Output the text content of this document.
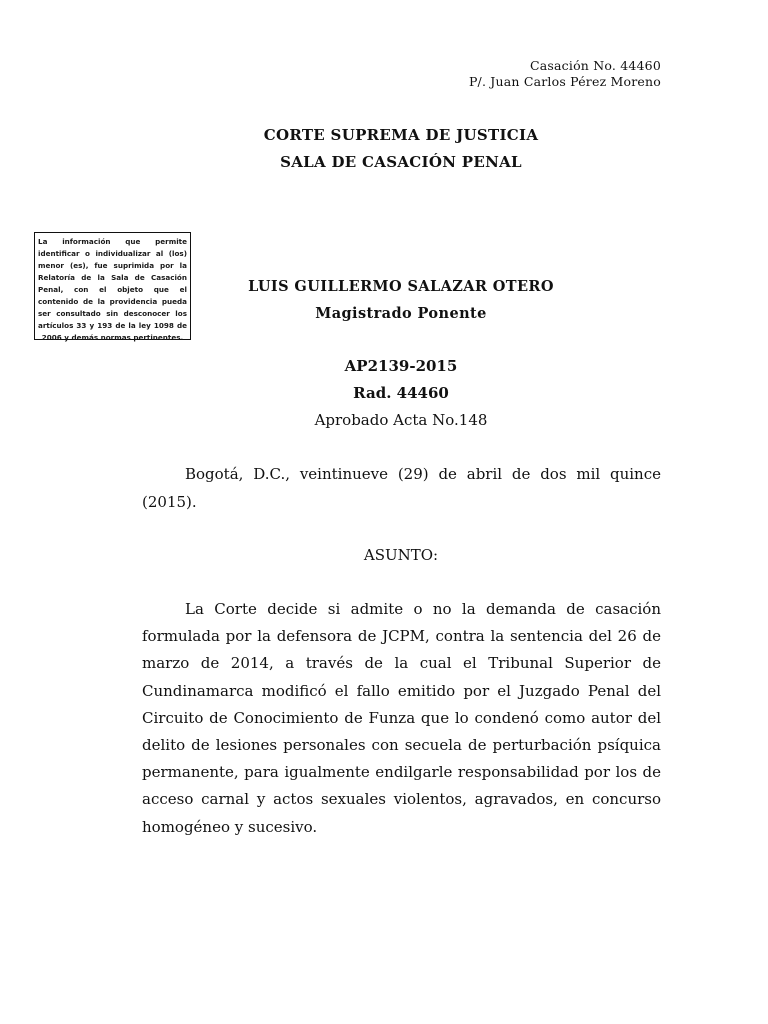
Casación No. 44460
P/. Juan Carlos Pérez Moreno
CORTE SUPREMA DE JUSTICIA
SALA DE CASACIÓN PENAL
La información que permite identificar o individualizar al (los) menor (es), fue suprimida por la Relatoría de la Sala de Casación Penal, con el objeto que el contenido de la providencia pueda ser consultado sin desconocer los artículos 33 y 193 de la ley 1098 de 2006 y demás normas pertinentes.
LUIS GUILLERMO SALAZAR OTERO
Magistrado Ponente
AP2139-2015
Rad. 44460
Aprobado Acta No.148

Bogotá, D.C., veintinueve (29) de abril de dos mil quince (2015).

ASUNTO:

La Corte decide si admite o no la demanda de casación formulada por la defensora de JCPM, contra la sentencia del 26 de marzo de 2014, a través de la cual el Tribunal Superior de Cundinamarca modificó el fallo emitido por el Juzgado Penal del Circuito de Conocimiento de Funza que lo condenó como autor del delito de lesiones personales con secuela de perturbación psíquica permanente, para igualmente endilgarle responsabilidad por los de acceso carnal y actos sexuales violentos, agravados, en concurso homogéneo y sucesivo.
